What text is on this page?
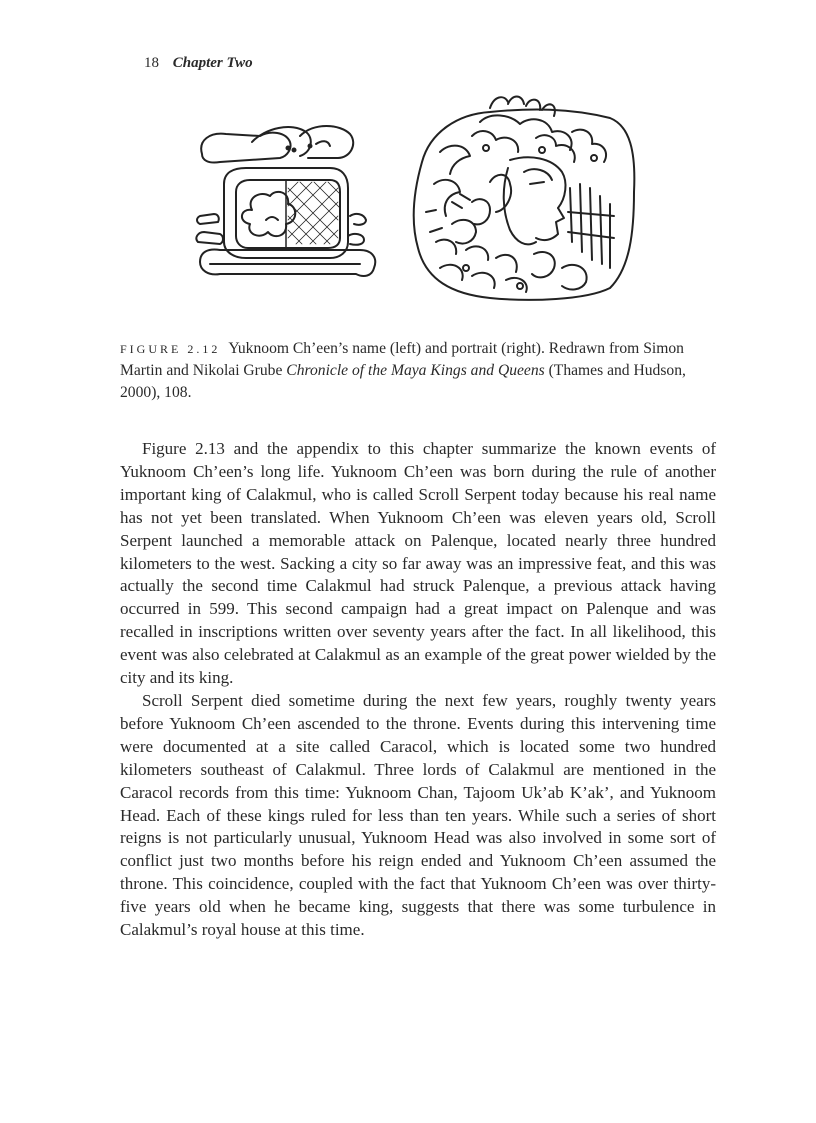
18 Chapter Two
FIGURE 2.12 Yuknoom Ch’een’s name (left) and portrait (right). Redrawn from Simon Martin and Nikolai Grube Chronicle of the Maya Kings and Queens (Thames and Hudson, 2000), 108.

Figure 2.13 and the appendix to this chapter summarize the known events of Yuknoom Ch’een’s long life. Yuknoom Ch’een was born during the rule of another important king of Calakmul, who is called Scroll Serpent today because his real name has not yet been translated. When Yuknoom Ch’een was eleven years old, Scroll Serpent launched a memorable attack on Palenque, located nearly three hundred kilometers to the west. Sacking a city so far away was an impressive feat, and this was actually the second time Calakmul had struck Palenque, a previous attack having occurred in 599. This second campaign had a great impact on Palenque and was recalled in inscriptions written over seventy years after the fact. In all likelihood, this event was also celebrated at Calakmul as an example of the great power wielded by the city and its king.

Scroll Serpent died sometime during the next few years, roughly twenty years before Yuknoom Ch’een ascended to the throne. Events during this intervening time were documented at a site called Caracol, which is located some two hundred kilometers southeast of Calakmul. Three lords of Calakmul are mentioned in the Caracol records from this time: Yuknoom Chan, Tajoom Uk’ab K’ak’, and Yuknoom Head. Each of these kings ruled for less than ten years. While such a series of short reigns is not particularly unusual, Yuknoom Head was also involved in some sort of conflict just two months before his reign ended and Yuknoom Ch’een assumed the throne. This coincidence, coupled with the fact that Yuknoom Ch’een was over thirty-five years old when he became king, suggests that there was some turbulence in Calakmul’s royal house at this time.
